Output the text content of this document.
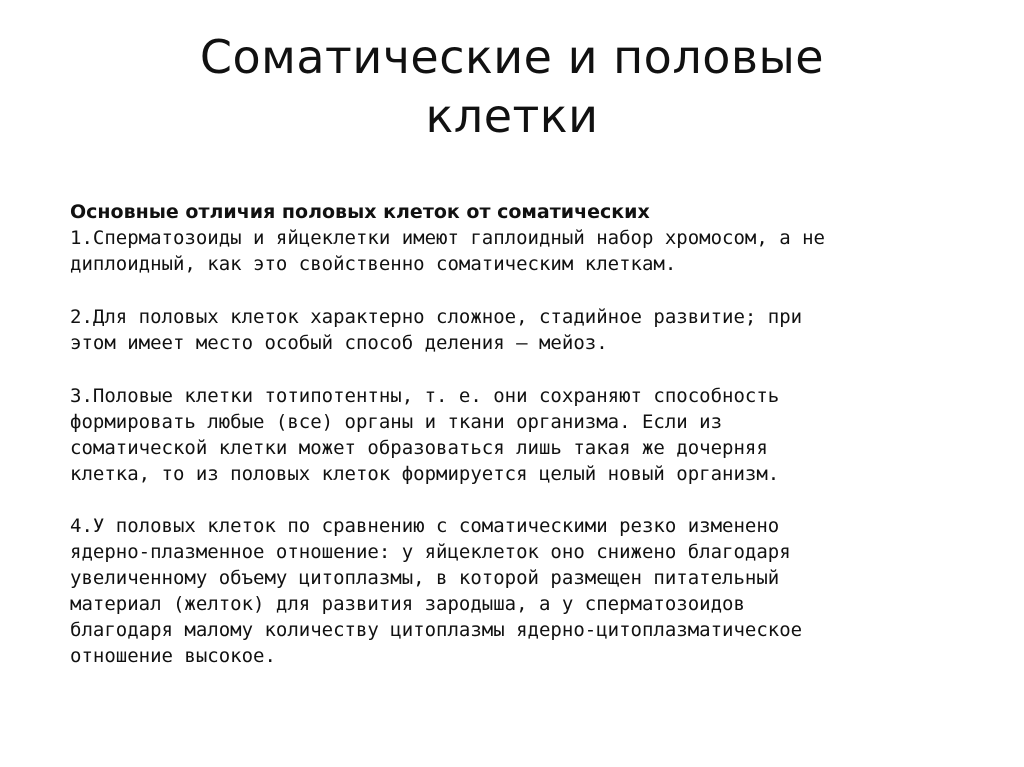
Соматические и половые
клетки
Основные отличия половых клеток от соматических
1.Сперматозоиды и яйцеклетки имеют гаплоидный набор хромосом, а не
диплоидный, как это свойственно соматическим клеткам.
2.Для половых клеток характерно сложное, стадийное развитие; при
этом имеет место особый способ деления – мейоз.
3.Половые клетки тотипотентны, т. е. они сохраняют способность
формировать любые (все) органы и ткани организма. Если из
соматической клетки может образоваться лишь такая же дочерняя
клетка, то из половых клеток формируется целый новый организм.
4.У половых клеток по сравнению с соматическими резко изменено
ядерно-плазменное отношение: у яйцеклеток оно снижено благодаря
увеличенному объему цитоплазмы, в которой размещен питательный
материал (желток) для развития зародыша, а у сперматозоидов
благодаря малому количеству цитоплазмы ядерно-цитоплазматическое
отношение высокое.
